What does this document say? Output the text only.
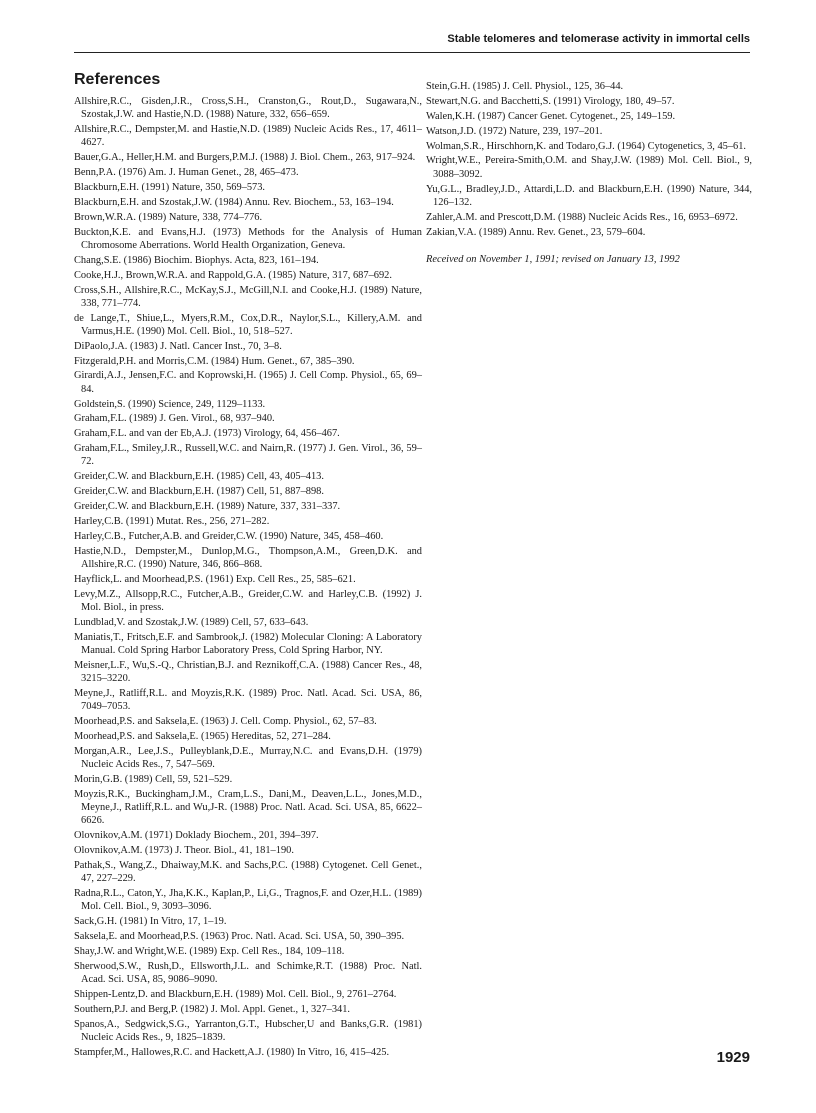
Stable telomeres and telomerase activity in immortal cells
References
Allshire,R.C., Gisden,J.R., Cross,S.H., Cranston,G., Rout,D., Sugawara,N., Szostak,J.W. and Hastie,N.D. (1988) Nature, 332, 656–659.
Allshire,R.C., Dempster,M. and Hastie,N.D. (1989) Nucleic Acids Res., 17, 4611–4627.
Bauer,G.A., Heller,H.M. and Burgers,P.M.J. (1988) J. Biol. Chem., 263, 917–924.
Benn,P.A. (1976) Am. J. Human Genet., 28, 465–473.
Blackburn,E.H. (1991) Nature, 350, 569–573.
Blackburn,E.H. and Szostak,J.W. (1984) Annu. Rev. Biochem., 53, 163–194.
Brown,W.R.A. (1989) Nature, 338, 774–776.
Buckton,K.E. and Evans,H.J. (1973) Methods for the Analysis of Human Chromosome Aberrations. World Health Organization, Geneva.
Chang,S.E. (1986) Biochim. Biophys. Acta, 823, 161–194.
Cooke,H.J., Brown,W.R.A. and Rappold,G.A. (1985) Nature, 317, 687–692.
Cross,S.H., Allshire,R.C., McKay,S.J., McGill,N.I. and Cooke,H.J. (1989) Nature, 338, 771–774.
de Lange,T., Shiue,L., Myers,R.M., Cox,D.R., Naylor,S.L., Killery,A.M. and Varmus,H.E. (1990) Mol. Cell. Biol., 10, 518–527.
DiPaolo,J.A. (1983) J. Natl. Cancer Inst., 70, 3–8.
Fitzgerald,P.H. and Morris,C.M. (1984) Hum. Genet., 67, 385–390.
Girardi,A.J., Jensen,F.C. and Koprowski,H. (1965) J. Cell Comp. Physiol., 65, 69–84.
Goldstein,S. (1990) Science, 249, 1129–1133.
Graham,F.L. (1989) J. Gen. Virol., 68, 937–940.
Graham,F.L. and van der Eb,A.J. (1973) Virology, 64, 456–467.
Graham,F.L., Smiley,J.R., Russell,W.C. and Nairn,R. (1977) J. Gen. Virol., 36, 59–72.
Greider,C.W. and Blackburn,E.H. (1985) Cell, 43, 405–413.
Greider,C.W. and Blackburn,E.H. (1987) Cell, 51, 887–898.
Greider,C.W. and Blackburn,E.H. (1989) Nature, 337, 331–337.
Harley,C.B. (1991) Mutat. Res., 256, 271–282.
Harley,C.B., Futcher,A.B. and Greider,C.W. (1990) Nature, 345, 458–460.
Hastie,N.D., Dempster,M., Dunlop,M.G., Thompson,A.M., Green,D.K. and Allshire,R.C. (1990) Nature, 346, 866–868.
Hayflick,L. and Moorhead,P.S. (1961) Exp. Cell Res., 25, 585–621.
Levy,M.Z., Allsopp,R.C., Futcher,A.B., Greider,C.W. and Harley,C.B. (1992) J. Mol. Biol., in press.
Lundblad,V. and Szostak,J.W. (1989) Cell, 57, 633–643.
Maniatis,T., Fritsch,E.F. and Sambrook,J. (1982) Molecular Cloning: A Laboratory Manual. Cold Spring Harbor Laboratory Press, Cold Spring Harbor, NY.
Meisner,L.F., Wu,S.-Q., Christian,B.J. and Reznikoff,C.A. (1988) Cancer Res., 48, 3215–3220.
Meyne,J., Ratliff,R.L. and Moyzis,R.K. (1989) Proc. Natl. Acad. Sci. USA, 86, 7049–7053.
Moorhead,P.S. and Saksela,E. (1963) J. Cell. Comp. Physiol., 62, 57–83.
Moorhead,P.S. and Saksela,E. (1965) Hereditas, 52, 271–284.
Morgan,A.R., Lee,J.S., Pulleyblank,D.E., Murray,N.C. and Evans,D.H. (1979) Nucleic Acids Res., 7, 547–569.
Morin,G.B. (1989) Cell, 59, 521–529.
Moyzis,R.K., Buckingham,J.M., Cram,L.S., Dani,M., Deaven,L.L., Jones,M.D., Meyne,J., Ratliff,R.L. and Wu,J-R. (1988) Proc. Natl. Acad. Sci. USA, 85, 6622–6626.
Olovnikov,A.M. (1971) Doklady Biochem., 201, 394–397.
Olovnikov,A.M. (1973) J. Theor. Biol., 41, 181–190.
Pathak,S., Wang,Z., Dhaiway,M.K. and Sachs,P.C. (1988) Cytogenet. Cell Genet., 47, 227–229.
Radna,R.L., Caton,Y., Jha,K.K., Kaplan,P., Li,G., Tragnos,F. and Ozer,H.L. (1989) Mol. Cell. Biol., 9, 3093–3096.
Sack,G.H. (1981) In Vitro, 17, 1–19.
Saksela,E. and Moorhead,P.S. (1963) Proc. Natl. Acad. Sci. USA, 50, 390–395.
Shay,J.W. and Wright,W.E. (1989) Exp. Cell Res., 184, 109–118.
Sherwood,S.W., Rush,D., Ellsworth,J.L. and Schimke,R.T. (1988) Proc. Natl. Acad. Sci. USA, 85, 9086–9090.
Shippen-Lentz,D. and Blackburn,E.H. (1989) Mol. Cell. Biol., 9, 2761–2764.
Southern,P.J. and Berg,P. (1982) J. Mol. Appl. Genet., 1, 327–341.
Spanos,A., Sedgwick,S.G., Yarranton,G.T., Hubscher,U and Banks,G.R. (1981) Nucleic Acids Res., 9, 1825–1839.
Stampfer,M., Hallowes,R.C. and Hackett,A.J. (1980) In Vitro, 16, 415–425.
Stein,G.H. (1985) J. Cell. Physiol., 125, 36–44.
Stewart,N.G. and Bacchetti,S. (1991) Virology, 180, 49–57.
Walen,K.H. (1987) Cancer Genet. Cytogenet., 25, 149–159.
Watson,J.D. (1972) Nature, 239, 197–201.
Wolman,S.R., Hirschhorn,K. and Todaro,G.J. (1964) Cytogenetics, 3, 45–61.
Wright,W.E., Pereira-Smith,O.M. and Shay,J.W. (1989) Mol. Cell. Biol., 9, 3088–3092.
Yu,G.L., Bradley,J.D., Attardi,L.D. and Blackburn,E.H. (1990) Nature, 344, 126–132.
Zahler,A.M. and Prescott,D.M. (1988) Nucleic Acids Res., 16, 6953–6972.
Zakian,V.A. (1989) Annu. Rev. Genet., 23, 579–604.
Received on November 1, 1991; revised on January 13, 1992
1929
